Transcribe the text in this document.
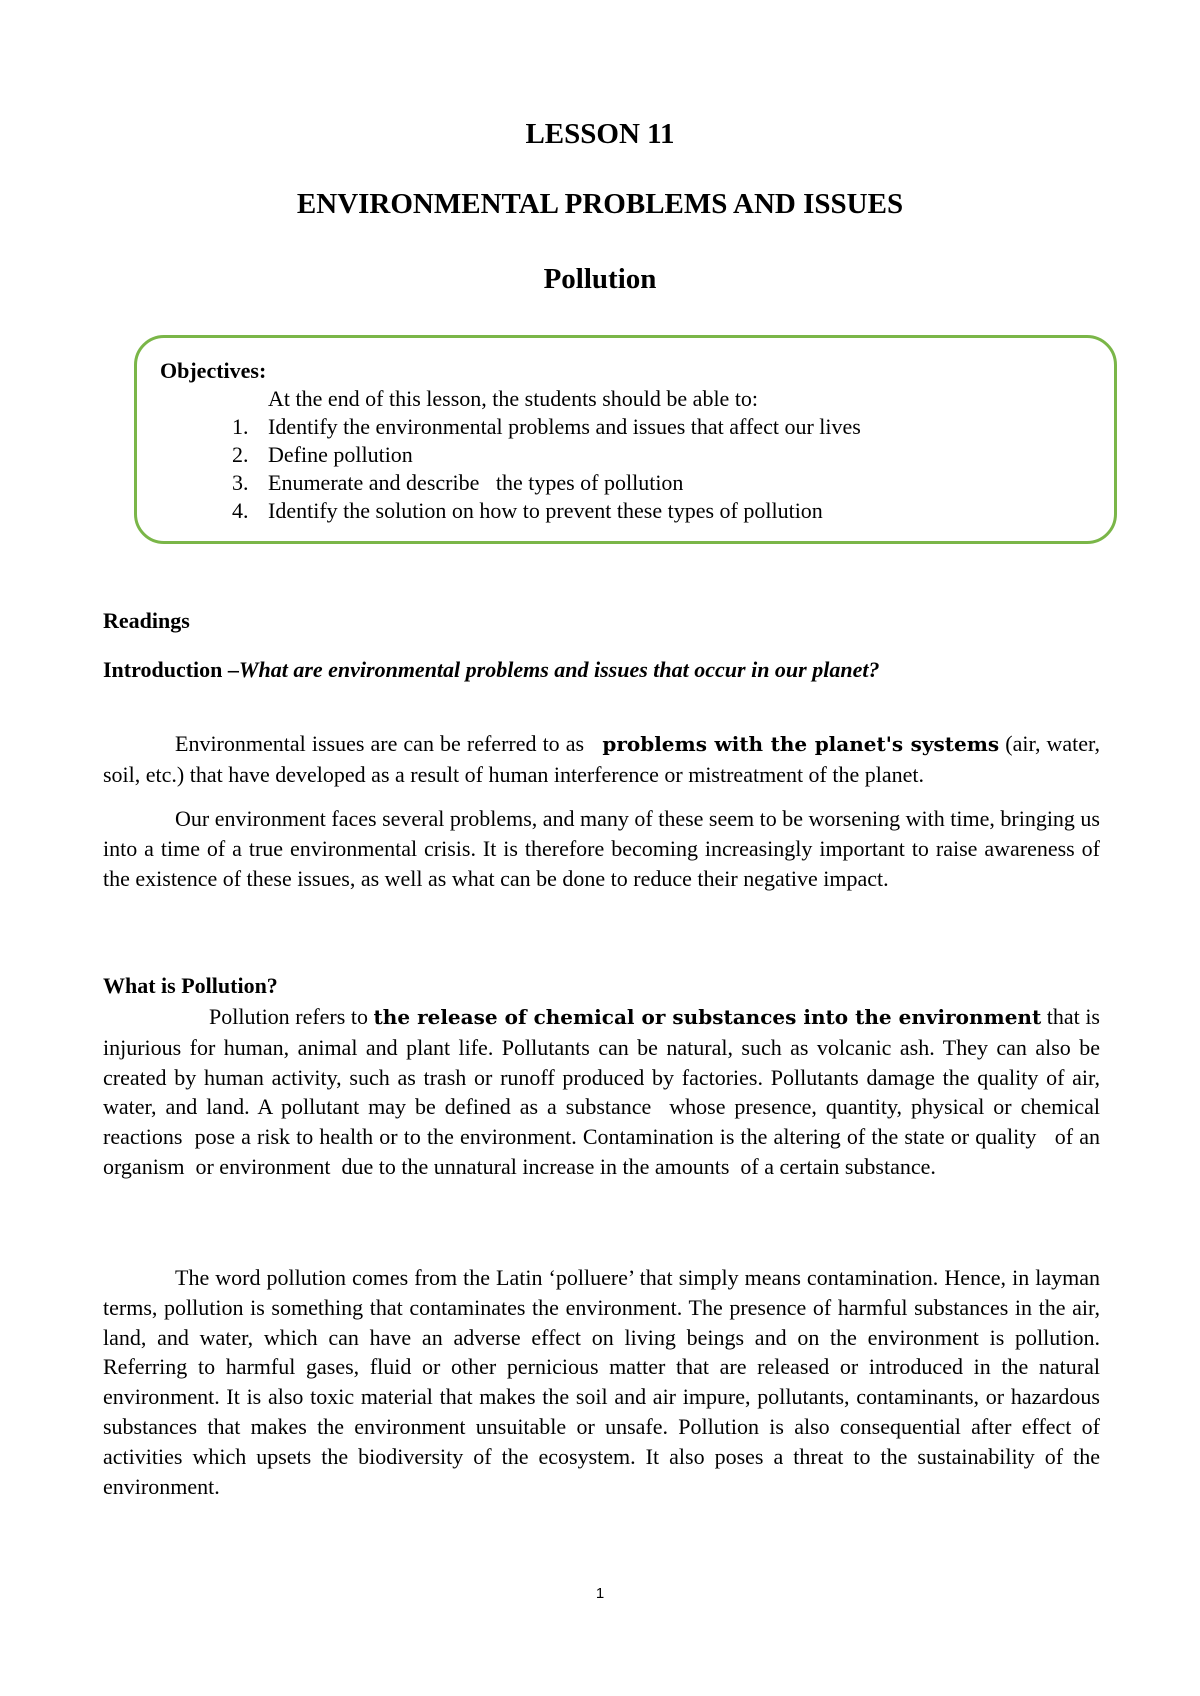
LESSON 11
ENVIRONMENTAL PROBLEMS AND ISSUES
Pollution
Objectives:
At the end of this lesson, the students should be able to:
1. Identify the environmental problems and issues that affect our lives
2. Define pollution
3. Enumerate and describe   the types of pollution
4. Identify the solution on how to prevent these types of pollution
Readings
Introduction –What are environmental problems and issues that occur in our planet?

Environmental issues are can be referred to as   problems with the planet's systems (air, water, soil, etc.) that have developed as a result of human interference or mistreatment of the planet.

Our environment faces several problems, and many of these seem to be worsening with time, bringing us into a time of a true environmental crisis. It is therefore becoming increasingly important to raise awareness of the existence of these issues, as well as what can be done to reduce their negative impact.

What is Pollution?

Pollution refers to the release of chemical or substances into the environment that is injurious for human, animal and plant life. Pollutants can be natural, such as volcanic ash. They can also be created by human activity, such as trash or runoff produced by factories. Pollutants damage the quality of air, water, and land. A pollutant may be defined as a substance  whose presence, quantity, physical or chemical reactions  pose a risk to health or to the environment. Contamination is the altering of the state or quality   of an organism  or environment  due to the unnatural increase in the amounts  of a certain substance.

The word pollution comes from the Latin ‘polluere’ that simply means contamination. Hence, in layman terms, pollution is something that contaminates the environment. The presence of harmful substances in the air, land, and water, which can have an adverse effect on living beings and on the environment is pollution. Referring to harmful gases, fluid or other pernicious matter that are released or introduced in the natural environment. It is also toxic material that makes the soil and air impure, pollutants, contaminants, or hazardous substances that makes the environment unsuitable or unsafe. Pollution is also consequential after effect of activities which upsets the biodiversity of the ecosystem. It also poses a threat to the sustainability of the environment.

1
